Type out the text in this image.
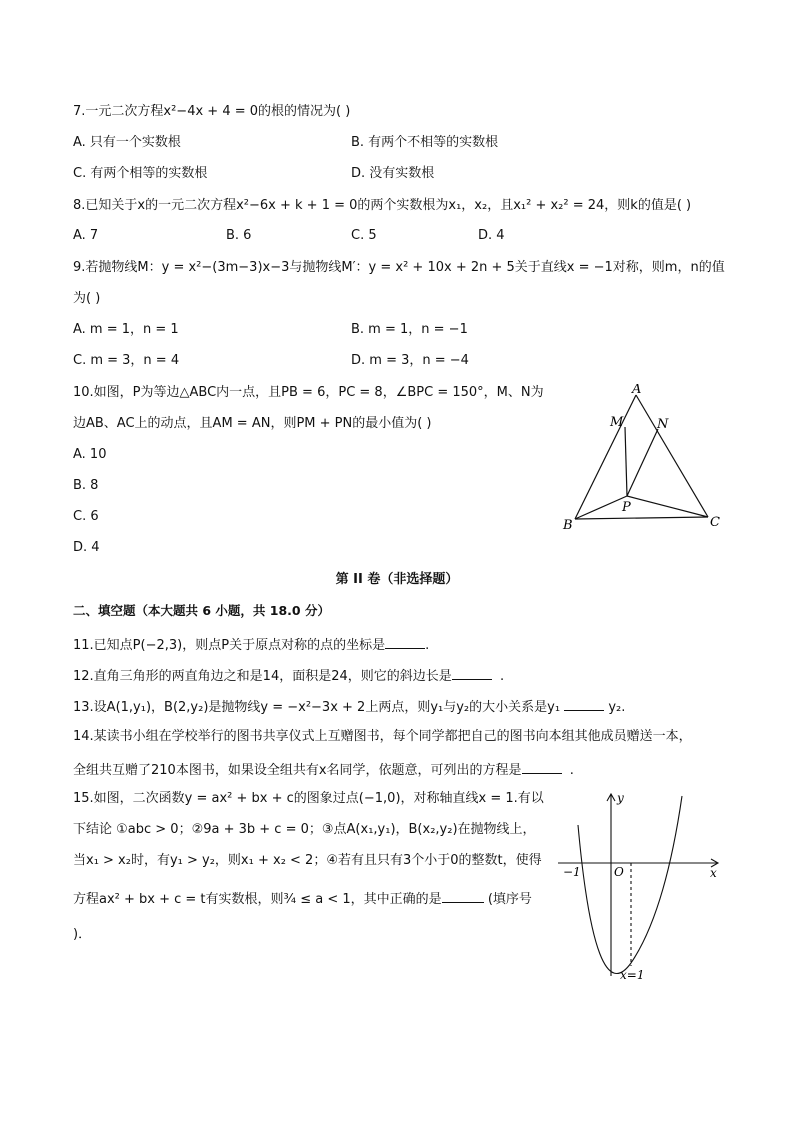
7.一元二次方程x²−4x + 4 = 0的根的情况为( )
A. 只有一个实数根	B. 有两个不相等的实数根
C. 有两个相等的实数根	D. 没有实数根
8.已知关于x的一元二次方程x²−6x + k + 1 = 0的两个实数根为x₁，x₂，且x₁² + x₂² = 24，则k的值是( )
A. 7	B. 6	C. 5	D. 4
9.若抛物线M：y = x²−(3m−3)x−3与抛物线M′：y = x² + 10x + 2n + 5关于直线x = −1对称，则m，n的值
为( )
A. m = 1，n = 1	B. m = 1，n = −1
C. m = 3，n = 4	D. m = 3，n = −4
10.如图，P为等边△ABC内一点，且PB = 6，PC = 8，∠BPC = 150°，M、N为
边AB、AC上的动点，且AM = AN，则PM + PN的最小值为( )
A. 10
B. 8
C. 6
D. 4
A
M	N
P
B	C
第 II 卷（非选择题）
二、填空题（本大题共 6 小题，共 18.0 分）
11.已知点P(−2,3)，则点P关于原点对称的点的坐标是	.
12.直角三角形的两直角边之和是14，面积是24，则它的斜边长是	.
13.设A(1,y₁)，B(2,y₂)是抛物线y = −x²−3x + 2上两点，则y₁与y₂的大小关系是y₁	y₂.
14.某读书小组在学校举行的图书共享仪式上互赠图书，每个同学都把自己的图书向本组其他成员赠送一本，
全组共互赠了210本图书，如果设全组共有x名同学，依题意，可列出的方程是	.
15.如图，二次函数y = ax² + bx + c的图象过点(−1,0)，对称轴直线x = 1.有以
下结论 ①abc > 0；②9a + 3b + c = 0；③点A(x₁,y₁)，B(x₂,y₂)在抛物线上，
当x₁ > x₂时，有y₁ > y₂，则x₁ + x₂ < 2；④若有且只有3个小于0的整数t，使得
方程ax² + bx + c = t有实数根，则¾ ≤ a < 1，其中正确的是	(填序号
)．
y
x
O
−1
x=1
